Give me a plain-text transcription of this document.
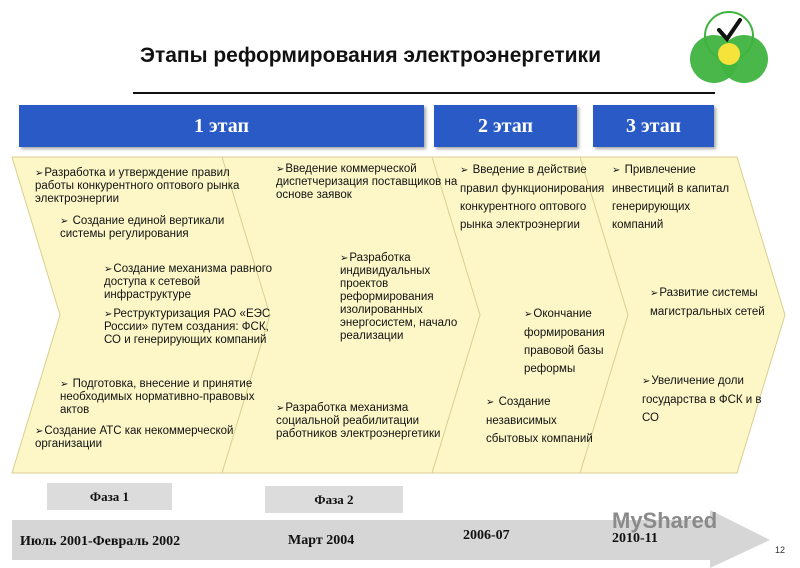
Этапы реформирования электроэнергетики
1 этап	2 этап	3 этап
➢Разработка и утверждение правил работы конкурентного оптового рынка электроэнергии
➢ Создание единой вертикали системы регулирования
➢Создание механизма равного доступа к сетевой инфраструктуре
➢Реструктуризация РАО «ЕЭС России» путем создания: ФСК, СО и генерирующих компаний
➢ Подготовка, внесение и принятие необходимых нормативно-правовых актов
➢Создание АТС как некоммерческой организации
➢Введение коммерческой диспетчеризация поставщиков на основе заявок
➢Разработка индивидуальных проектов реформирования изолированных энергосистем, начало реализации
➢Разработка механизма социальной реабилитации работников электроэнергетики
➢ Введение в действие правил функционирования конкурентного оптового рынка электроэнергии
➢Окончание формирования правовой базы реформы
➢ Создание независимых сбытовых компаний
➢ Привлечение инвестиций в капитал генерирующих компаний
➢Развитие системы магистральных сетей
➢Увеличение доли государства в ФСК и в СО
Фаза 1	Фаза 2
Июль 2001-Февраль 2002	Март 2004	2006-07	2010-11
MyShared
12
